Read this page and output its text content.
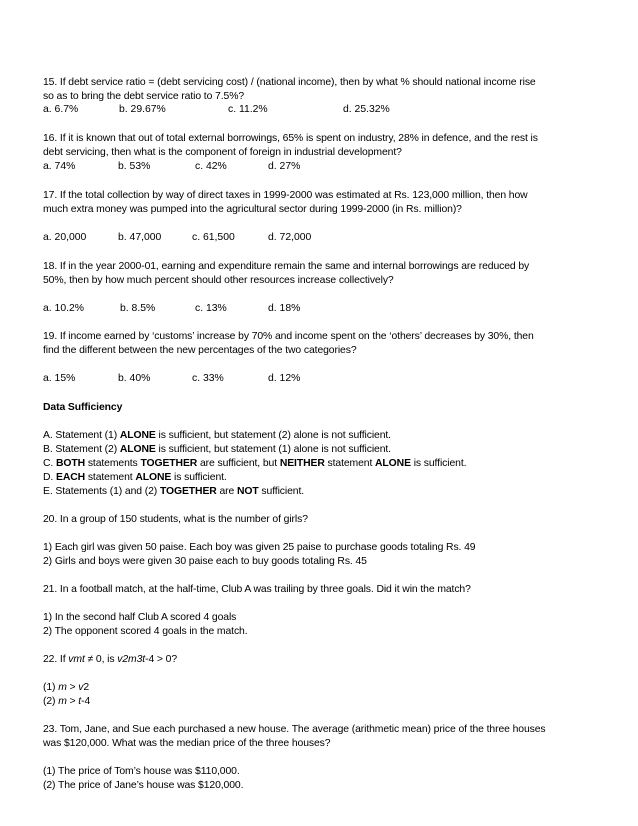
15. If debt service ratio = (debt servicing cost) / (national income), then by what % should national income rise
so as to bring the debt service ratio to 7.5%?
a. 6.7%	b. 29.67%	c. 11.2%	d. 25.32%
16. If it is known that out of total external borrowings, 65% is spent on industry, 28% in defence, and the rest is
debt servicing, then what is the component of foreign in industrial development?
a. 74%	b. 53%	c. 42%	d. 27%
17. If the total collection by way of direct taxes in 1999-2000 was estimated at Rs. 123,000 million, then how
much extra money was pumped into the agricultural sector during 1999-2000 (in Rs. million)?
a. 20,000	b. 47,000	c. 61,500	d. 72,000
18. If in the year 2000-01, earning and expenditure remain the same and internal borrowings are reduced by
50%, then by how much percent should other resources increase collectively?
a. 10.2%	b. 8.5%	c. 13%	d. 18%
19. If income earned by ‘customs’ increase by 70% and income spent on the ‘others’ decreases by 30%, then
find the different between the new percentages of the two categories?
a. 15%	b. 40%	c. 33%	d. 12%
Data Sufficiency
A. Statement (1) ALONE is sufficient, but statement (2) alone is not sufficient.
B. Statement (2) ALONE is sufficient, but statement (1) alone is not sufficient.
C. BOTH statements TOGETHER are sufficient, but NEITHER statement ALONE is sufficient.
D. EACH statement ALONE is sufficient.
E. Statements (1) and (2) TOGETHER are NOT sufficient.
20. In a group of 150 students, what is the number of girls?
1) Each girl was given 50 paise. Each boy was given 25 paise to purchase goods totaling Rs. 49
2) Girls and boys were given 30 paise each to buy goods totaling Rs. 45
21. In a football match, at the half-time, Club A was trailing by three goals. Did it win the match?
1) In the second half Club A scored 4 goals
2) The opponent scored 4 goals in the match.
22. If vmt ≠ 0, is v2m3t-4 > 0?
(1) m > v2
(2) m > t-4
23. Tom, Jane, and Sue each purchased a new house. The average (arithmetic mean) price of the three houses
was $120,000. What was the median price of the three houses?
(1) The price of Tom’s house was $110,000.
(2) The price of Jane’s house was $120,000.
